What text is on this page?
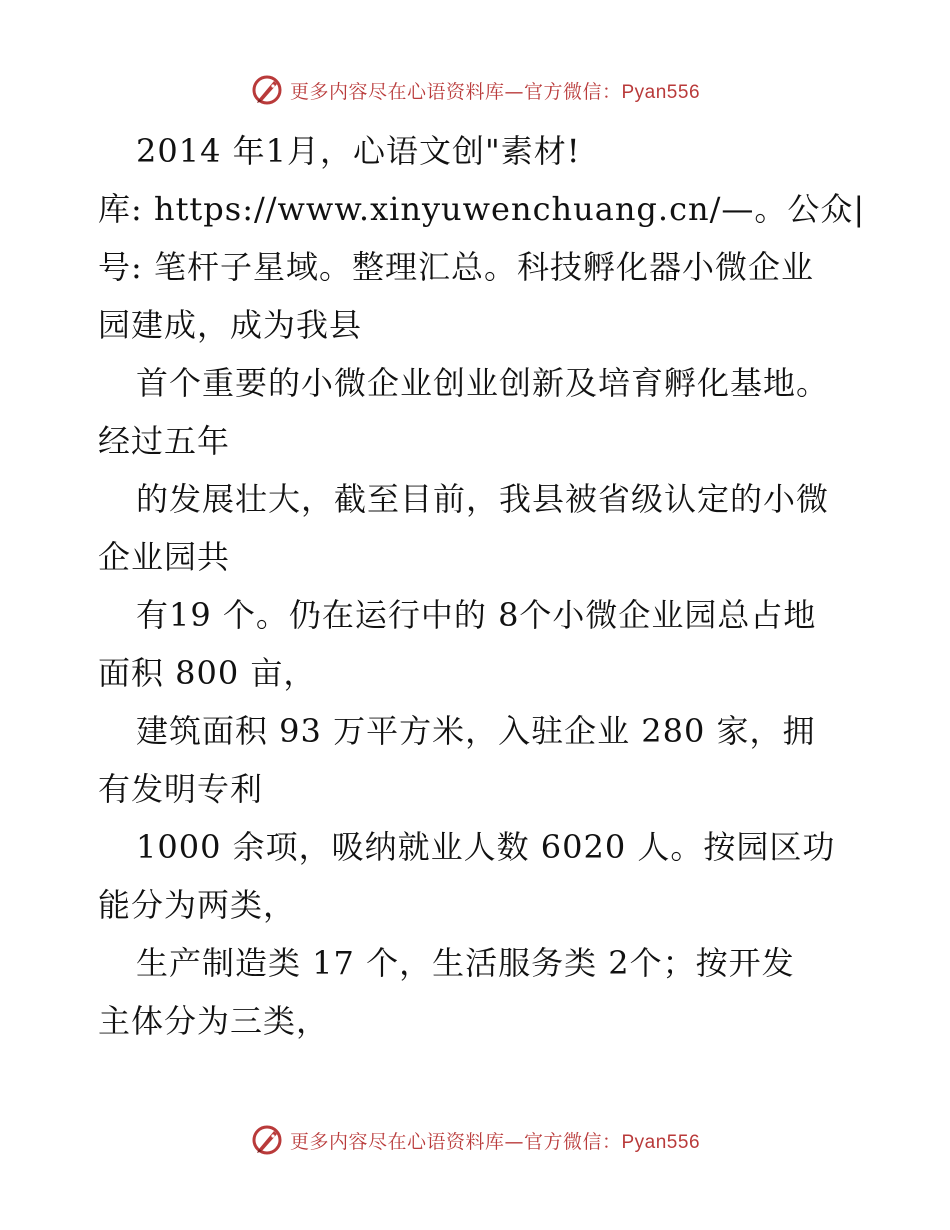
更多内容尽在心语资料库—官方微信：Pyan556
2014 年1月，心语文创"素材!
库: https://www.xinyuwenchuang.cn/—。公众|
号: 笔杆子星域。整理汇总。科技孵化器小微企业
园建成，成为我县
首个重要的小微企业创业创新及培育孵化基地。
经过五年
的发展壮大，截至目前，我县被省级认定的小微
企业园共
有19 个。仍在运行中的 8个小微企业园总占地
面积 800 亩，
建筑面积 93 万平方米，入驻企业 280 家，拥
有发明专利
1000 余项，吸纳就业人数 6020 人。按园区功
能分为两类，
生产制造类 17 个，生活服务类 2个；按开发
主体分为三类，
更多内容尽在心语资料库—官方微信：Pyan556
